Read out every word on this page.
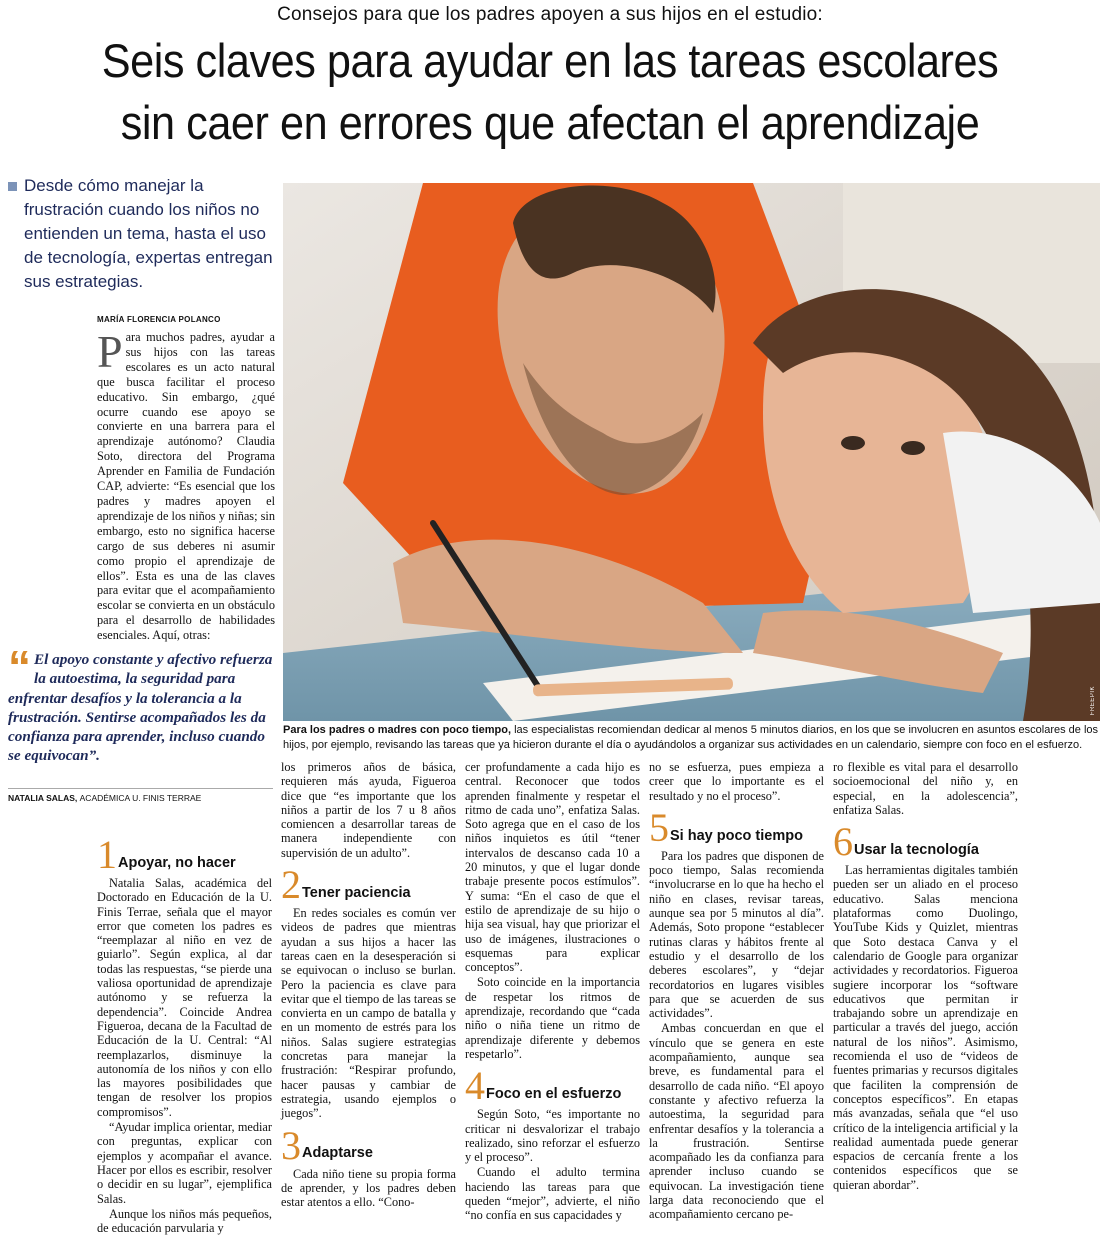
Consejos para que los padres apoyen a sus hijos en el estudio:
Seis claves para ayudar en las tareas escolares
sin caer en errores que afectan el aprendizaje
Desde cómo manejar la frustración cuando los niños no entienden un tema, hasta el uso de tecnología, expertas entregan sus estrategias.
MARÍA FLORENCIA POLANCO
P ara muchos padres, ayudar a sus hijos con las tareas escolares es un acto natural que busca facilitar el proceso educativo. Sin embargo, ¿qué ocurre cuando ese apoyo se convierte en una barrera para el aprendizaje autónomo? Claudia Soto, directora del Programa Aprender en Familia de Fundación CAP, advierte: “Es esencial que los padres y madres apoyen el aprendizaje de los niños y niñas; sin embargo, esto no significa hacerse cargo de sus deberes ni asumir como propio el aprendizaje de ellos”. Esta es una de las claves para evitar que el acompañamiento escolar se convierta en un obstáculo para el desarrollo de habilidades esenciales. Aquí, otras:
“ El apoyo constante y afectivo refuerza la autoestima, la seguridad para enfrentar desafíos y la tolerancia a la frustración. Sentirse acompañados les da confianza para aprender, incluso cuando se equivocan”.
NATALIA SALAS, ACADÉMICA U. FINIS TERRAE
FREEPIK
Para los padres o madres con poco tiempo, las especialistas recomiendan dedicar al menos 5 minutos diarios, en los que se involucren en asuntos escolares de los hijos, por ejemplo, revisando las tareas que ya hicieron durante el día o ayudándolos a organizar sus actividades en un calendario, siempre con foco en el esfuerzo.
1 Apoyar, no hacer

Natalia Salas, académica del Doctorado en Educación de la U. Finis Terrae, señala que el mayor error que cometen los padres es “reemplazar al niño en vez de guiarlo”. Según explica, al dar todas las respuestas, “se pierde una valiosa oportunidad de aprendizaje autónomo y se refuerza la dependencia”. Coincide Andrea Figueroa, decana de la Facultad de Educación de la U. Central: “Al reemplazarlos, disminuye la autonomía de los niños y con ello las mayores posibilidades que tengan de resolver los propios compromisos”.

“Ayudar implica orientar, mediar con preguntas, explicar con ejemplos y acompañar el avance. Hacer por ellos es escribir, resolver o decidir en su lugar”, ejemplifica Salas.

Aunque los niños más pequeños, de educación parvularia y

los primeros años de básica, requieren más ayuda, Figueroa dice que “es importante que los niños a partir de los 7 u 8 años comiencen a desarrollar tareas de manera independiente con supervisión de un adulto”.

2 Tener paciencia

En redes sociales es común ver videos de padres que mientras ayudan a sus hijos a hacer las tareas caen en la desesperación si se equivocan o incluso se burlan. Pero la paciencia es clave para evitar que el tiempo de las tareas se convierta en un campo de batalla y en un momento de estrés para los niños. Salas sugiere estrategias concretas para manejar la frustración: “Respirar profundo, hacer pausas y cambiar de estrategia, usando ejemplos o juegos”.

3 Adaptarse

Cada niño tiene su propia forma de aprender, y los padres deben estar atentos a ello. “Cono-

cer profundamente a cada hijo es central. Reconocer que todos aprenden finalmente y respetar el ritmo de cada uno”, enfatiza Salas. Soto agrega que en el caso de los niños inquietos es útil “tener intervalos de descanso cada 10 a 20 minutos, y que el lugar donde trabaje presente pocos estímulos”. Y suma: “En el caso de que el estilo de aprendizaje de su hijo o hija sea visual, hay que priorizar el uso de imágenes, ilustraciones o esquemas para explicar conceptos”.

Soto coincide en la importancia de respetar los ritmos de aprendizaje, recordando que “cada niño o niña tiene un ritmo de aprendizaje diferente y debemos respetarlo”.

4 Foco en el esfuerzo

Según Soto, “es importante no criticar ni desvalorizar el trabajo realizado, sino reforzar el esfuerzo y el proceso”.

Cuando el adulto termina haciendo las tareas para que queden “mejor”, advierte, el niño “no confía en sus capacidades y

no se esfuerza, pues empieza a creer que lo importante es el resultado y no el proceso”.

5 Si hay poco tiempo

Para los padres que disponen de poco tiempo, Salas recomienda “involucrarse en lo que ha hecho el niño en clases, revisar tareas, aunque sea por 5 minutos al día”. Además, Soto propone “establecer rutinas claras y hábitos frente al estudio y el desarrollo de los deberes escolares”, y “dejar recordatorios en lugares visibles para que se acuerden de sus actividades”.

Ambas concuerdan en que el vínculo que se genera en este acompañamiento, aunque sea breve, es fundamental para el desarrollo de cada niño. “El apoyo constante y afectivo refuerza la autoestima, la seguridad para enfrentar desafíos y la tolerancia a la frustración. Sentirse acompañado les da confianza para aprender incluso cuando se equivocan. La investigación tiene larga data reconociendo que el acompañamiento cercano pe-

ro flexible es vital para el desarrollo socioemocional del niño y, en especial, en la adolescencia”, enfatiza Salas.

6 Usar la tecnología

Las herramientas digitales también pueden ser un aliado en el proceso educativo. Salas menciona plataformas como Duolingo, YouTube Kids y Quizlet, mientras que Soto destaca Canva y el calendario de Google para organizar actividades y recordatorios. Figueroa sugiere incorporar los “software educativos que permitan ir trabajando sobre un aprendizaje en particular a través del juego, acción natural de los niños”. Asimismo, recomienda el uso de “videos de fuentes primarias y recursos digitales que faciliten la comprensión de conceptos específicos”. En etapas más avanzadas, señala que “el uso crítico de la inteligencia artificial y la realidad aumentada puede generar espacios de cercanía frente a los contenidos específicos que se quieran abordar”.
